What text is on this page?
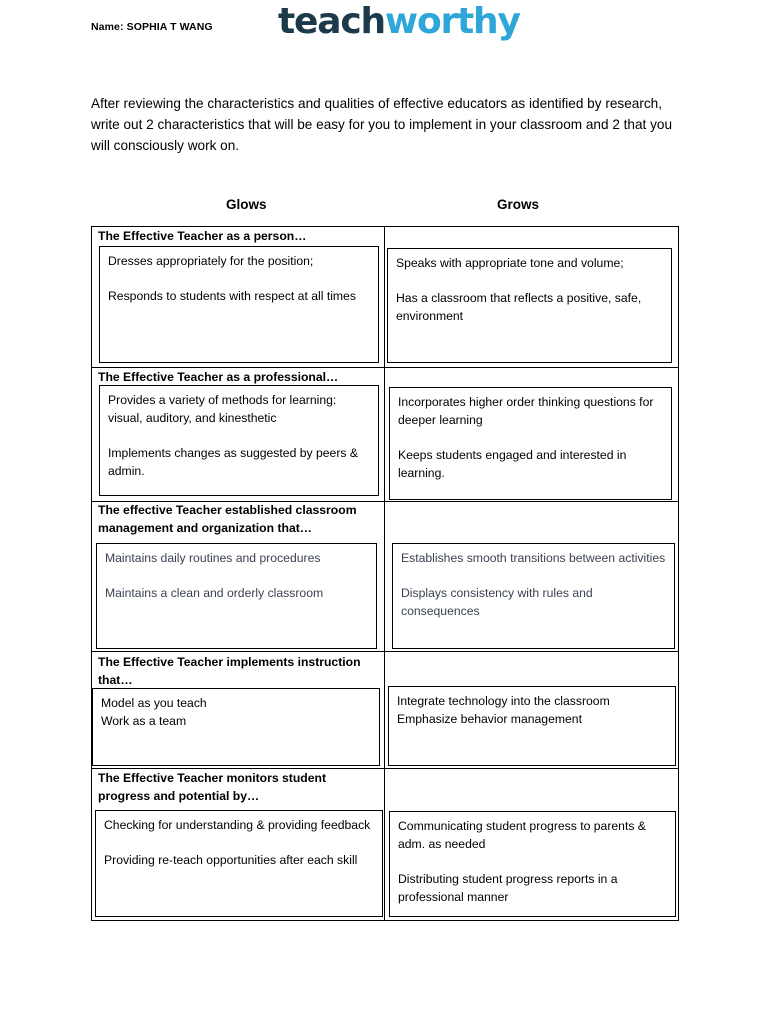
Name: SOPHIA T WANG teachworthy
After reviewing the characteristics and qualities of effective educators as identified by research, write out 2 characteristics that will be easy for you to implement in your classroom and 2 that you will consciously work on.
Glows	Grows
The Effective Teacher as a person…

Dresses appropriately for the position;

Responds to students with respect at all times

Speaks with appropriate tone and volume;

Has a classroom that reflects a positive, safe, environment

The Effective Teacher as a professional…

Provides a variety of methods for learning: visual, auditory, and kinesthetic

Implements changes as suggested by peers & admin.

Incorporates higher order thinking questions for deeper learning

Keeps students engaged and interested in learning.

The effective Teacher established classroom management and organization that…

Maintains daily routines and procedures

Maintains a clean and orderly classroom

Establishes smooth transitions between activities

Displays consistency with rules and consequences

The Effective Teacher implements instruction that…

Model as you teach

Work as a team

Integrate technology into the classroom

Emphasize behavior management

The Effective Teacher monitors student progress and potential by…

Checking for understanding & providing feedback

Providing re-teach opportunities after each skill

Communicating student progress to parents & adm. as needed

Distributing student progress reports in a professional manner
